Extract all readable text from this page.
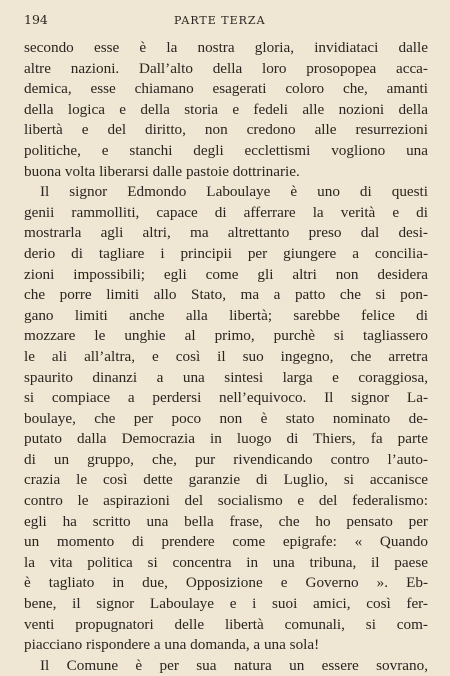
194	PARTE TERZA
secondo esse è la nostra gloria, invidiataci dalle
altre nazioni. Dall’alto della loro prosopopea acca-
demica, esse chiamano esagerati coloro che, amanti
della logica e della storia e fedeli alle nozioni della
libertà e del diritto, non credono alle resurrezioni
politiche, e stanchi degli ecclettismi vogliono una
buona volta liberarsi dalle pastoie dottrinarie.
Il signor Edmondo Laboulaye è uno di questi
genii rammolliti, capace di afferrare la verità e di
mostrarla agli altri, ma altrettanto preso dal desi-
derio di tagliare i principii per giungere a concilia-
zioni impossibili; egli come gli altri non desidera
che porre limiti allo Stato, ma a patto che si pon-
gano limiti anche alla libertà; sarebbe felice di
mozzare le unghie al primo, purchè si tagliassero
le ali all’altra, e così il suo ingegno, che arretra
spaurito dinanzi a una sintesi larga e coraggiosa,
si compiace a perdersi nell’equivoco. Il signor La-
boulaye, che per poco non è stato nominato de-
putato dalla Democrazia in luogo di Thiers, fa parte
di un gruppo, che, pur rivendicando contro l’auto-
crazia le così dette garanzie di Luglio, si accanisce
contro le aspirazioni del socialismo e del federalismo:
egli ha scritto una bella frase, che ho pensato per
un momento di prendere come epigrafe: « Quando
la vita politica si concentra in una tribuna, il paese
è tagliato in due, Opposizione e Governo ». Eb-
bene, il signor Laboulaye e i suoi amici, così fer-
venti propugnatori delle libertà comunali, si com-
piacciano rispondere a una domanda, a una sola!
Il Comune è per sua natura un essere sovrano,
